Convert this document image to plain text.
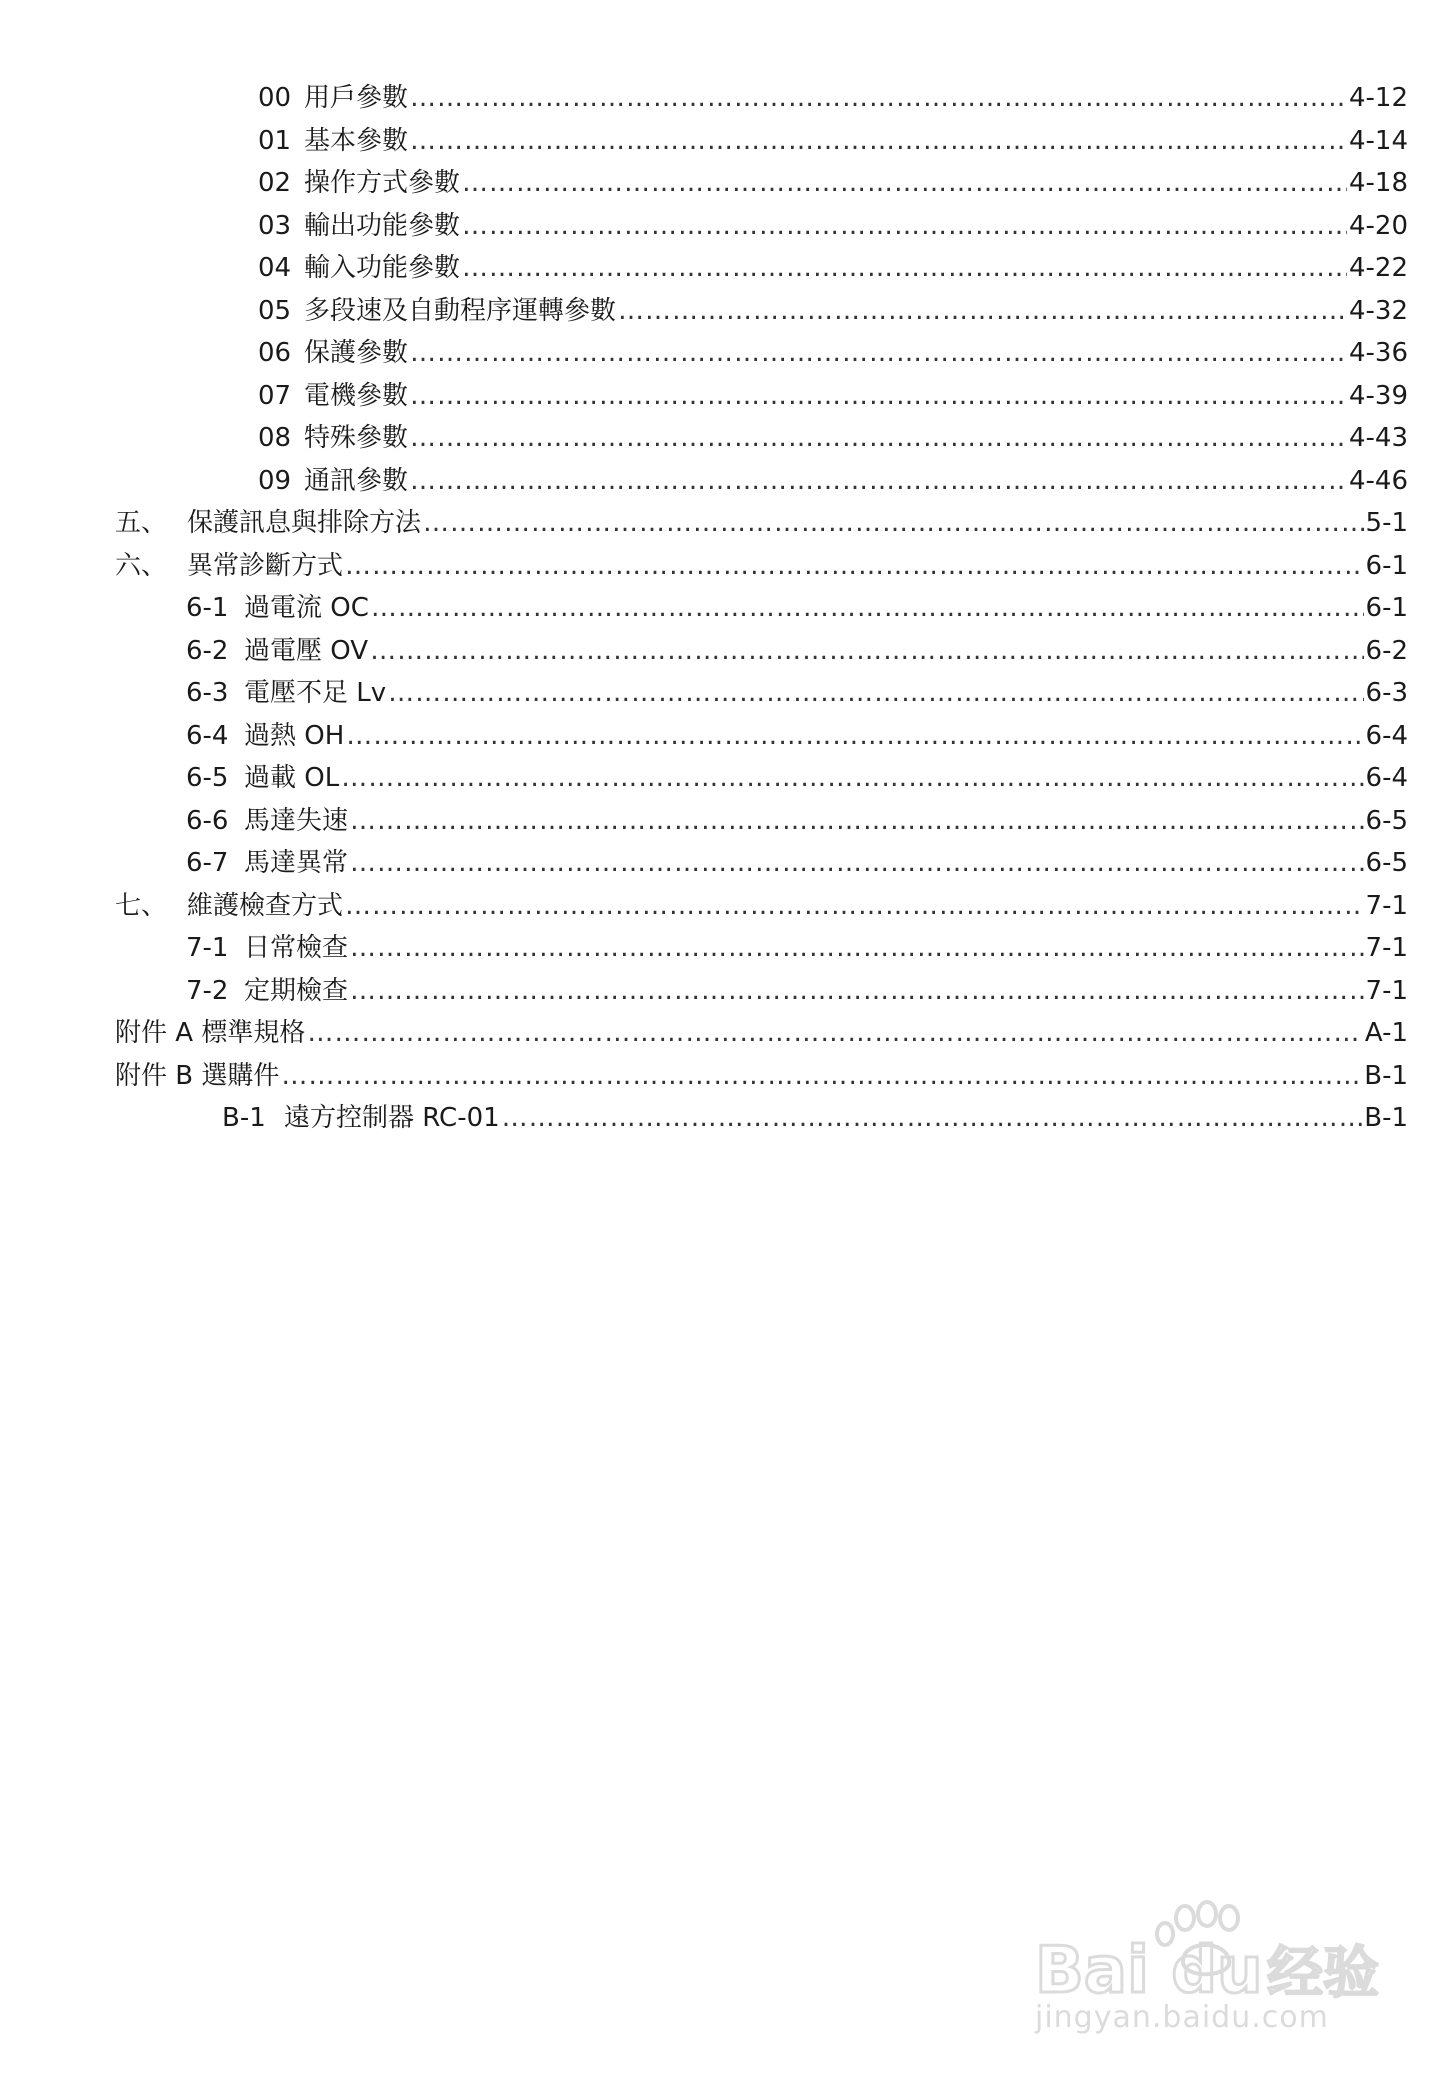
00 用戶參數 ……………………………………………………………………………………………………………………………………………………………………………………………………………………………………	4-12
01 基本參數 ……………………………………………………………………………………………………………………………………………………………………………………………………………………………………	4-14
02 操作方式參數 ……………………………………………………………………………………………………………………………………………………………………………………………………………………………………	4-18
03 輸出功能參數 ……………………………………………………………………………………………………………………………………………………………………………………………………………………………………	4-20
04 輸入功能參數 ……………………………………………………………………………………………………………………………………………………………………………………………………………………………………	4-22
05 多段速及自動程序運轉參數 ……………………………………………………………………………………………………………………………………………………………………………………………………………………………………	4-32
06 保護參數 ……………………………………………………………………………………………………………………………………………………………………………………………………………………………………	4-36
07 電機參數 ……………………………………………………………………………………………………………………………………………………………………………………………………………………………………	4-39
08 特殊參數 ……………………………………………………………………………………………………………………………………………………………………………………………………………………………………	4-43
09 通訊參數 ……………………………………………………………………………………………………………………………………………………………………………………………………………………………………	4-46
五、 保護訊息與排除方法 ……………………………………………………………………………………………………………………………………………………………………………………………………………………………………	5-1
六、 異常診斷方式 ……………………………………………………………………………………………………………………………………………………………………………………………………………………………………	6-1
6-1 過電流 OC ……………………………………………………………………………………………………………………………………………………………………………………………………………………………………	6-1
6-2 過電壓 OV ……………………………………………………………………………………………………………………………………………………………………………………………………………………………………	6-2
6-3 電壓不足 Lv ……………………………………………………………………………………………………………………………………………………………………………………………………………………………………	6-3
6-4 過熱 OH ……………………………………………………………………………………………………………………………………………………………………………………………………………………………………	6-4
6-5 過載 OL ……………………………………………………………………………………………………………………………………………………………………………………………………………………………………	6-4
6-6 馬達失速 ……………………………………………………………………………………………………………………………………………………………………………………………………………………………………	6-5
6-7 馬達異常 ……………………………………………………………………………………………………………………………………………………………………………………………………………………………………	6-5
七、 維護檢查方式 ……………………………………………………………………………………………………………………………………………………………………………………………………………………………………	7-1
7-1 日常檢查 ……………………………………………………………………………………………………………………………………………………………………………………………………………………………………	7-1
7-2 定期檢查 ……………………………………………………………………………………………………………………………………………………………………………………………………………………………………	7-1
附件 A 標準規格 ……………………………………………………………………………………………………………………………………………………………………………………………………………………………………	A-1
附件 B 選購件 ……………………………………………………………………………………………………………………………………………………………………………………………………………………………………	B-1
B-1 遠方控制器 RC-01 ……………………………………………………………………………………………………………………………………………………………………………………………………………………………………	B-1
Bai du 经验
jingyan.baidu.com
